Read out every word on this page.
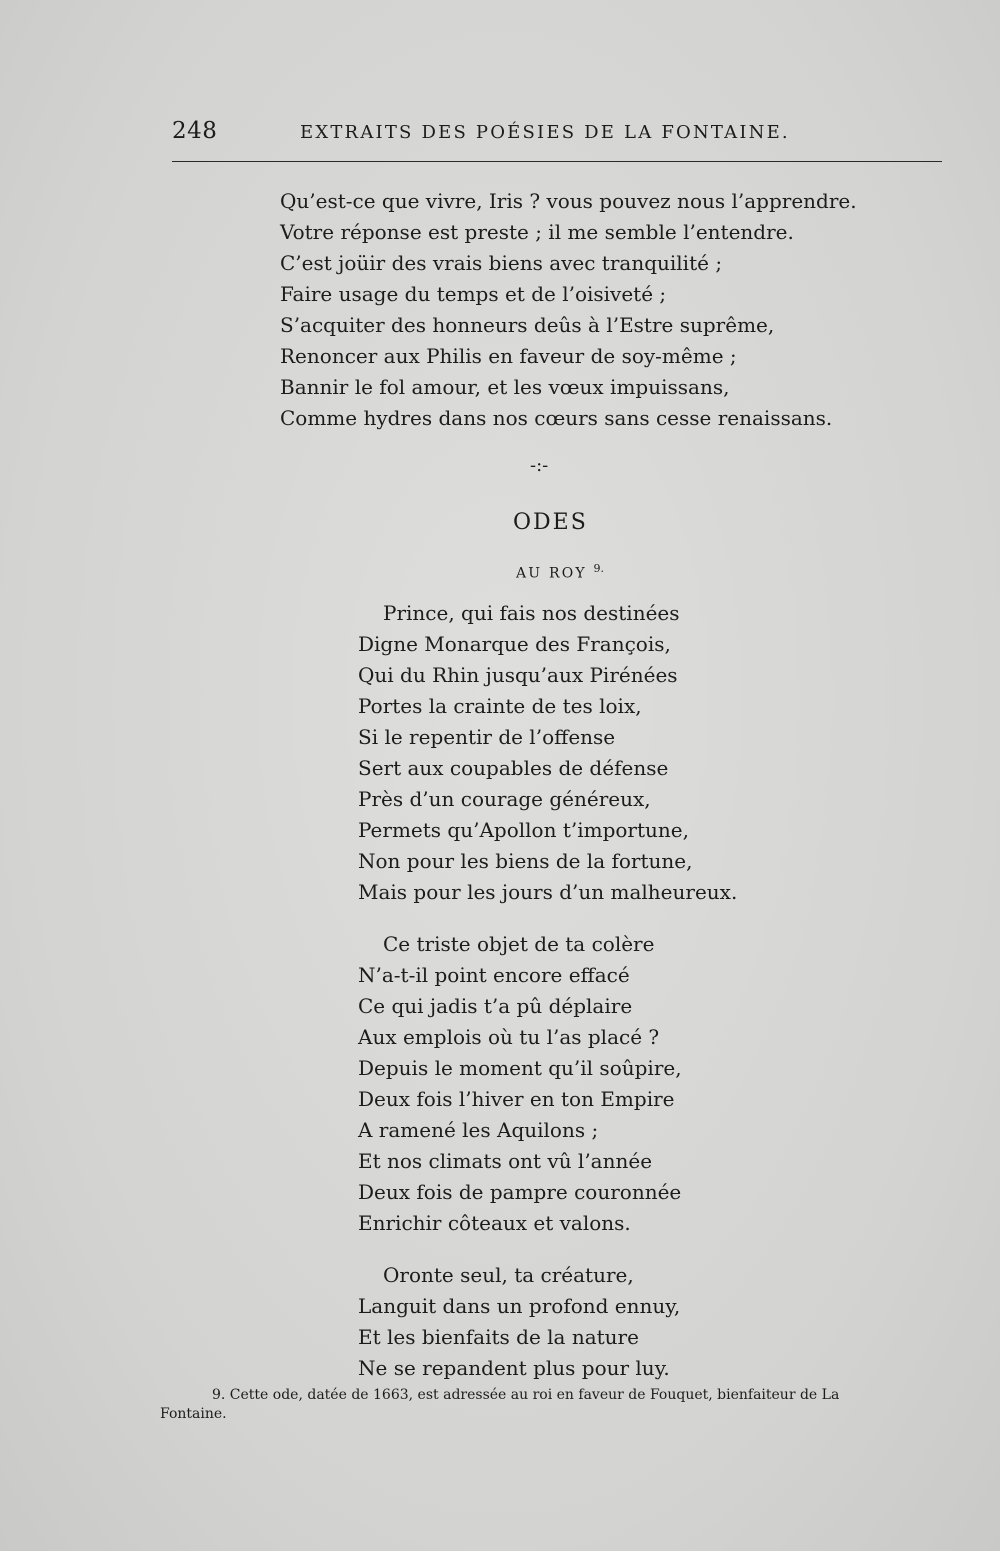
248	EXTRAITS DES POÉSIES DE LA FONTAINE.
Qu’est-ce que vivre, Iris ? vous pouvez nous l’apprendre.
Votre réponse est preste ; il me semble l’entendre.
C’est joüir des vrais biens avec tranquilité ;
Faire usage du temps et de l’oisiveté ;
S’acquiter des honneurs deûs à l’Estre suprême,
Renoncer aux Philis en faveur de soy-même ;
Bannir le fol amour, et les vœux impuissans,
Comme hydres dans nos cœurs sans cesse renaissans.
-:-
ODES
AU ROY $^{9.}$
Prince, qui fais nos destinées
Digne Monarque des François,
Qui du Rhin jusqu’aux Pirénées
Portes la crainte de tes loix,
Si le repentir de l’offense
Sert aux coupables de défense
Près d’un courage généreux,
Permets qu’Apollon t’importune,
Non pour les biens de la fortune,
Mais pour les jours d’un malheureux.
Ce triste objet de ta colère
N’a-t-il point encore effacé
Ce qui jadis t’a pû déplaire
Aux emplois où tu l’as placé ?
Depuis le moment qu’il soûpire,
Deux fois l’hiver en ton Empire
A ramené les Aquilons ;
Et nos climats ont vû l’année
Deux fois de pampre couronnée
Enrichir côteaux et valons.
Oronte seul, ta créature,
Languit dans un profond ennuy,
Et les bienfaits de la nature
Ne se repandent plus pour luy.
9. Cette ode, datée de 1663, est adressée au roi en faveur de Fouquet, bienfaiteur de La
Fontaine.
